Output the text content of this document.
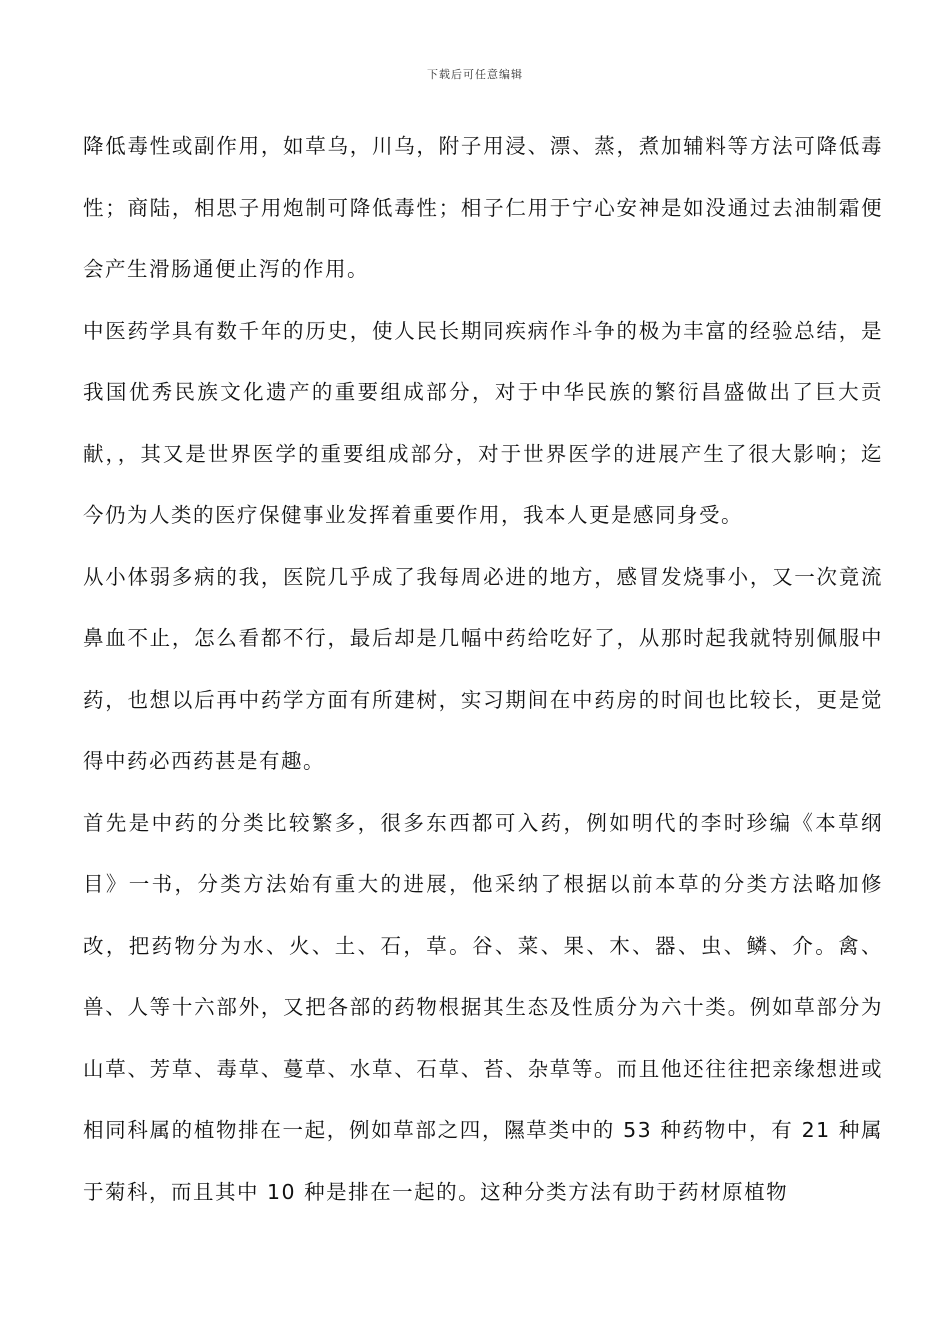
下载后可任意编辑

降低毒性或副作用，如草乌，川乌，附子用浸、漂、蒸，煮加辅料等方法可降低毒性；商陆，相思子用炮制可降低毒性；相子仁用于宁心安神是如没通过去油制霜便会产生滑肠通便止泻的作用。

中医药学具有数千年的历史，使人民长期同疾病作斗争的极为丰富的经验总结，是我国优秀民族文化遗产的重要组成部分，对于中华民族的繁衍昌盛做出了巨大贡献，，其又是世界医学的重要组成部分，对于世界医学的进展产生了很大影响；迄今仍为人类的医疗保健事业发挥着重要作用，我本人更是感同身受。

从小体弱多病的我，医院几乎成了我每周必进的地方，感冒发烧事小，又一次竟流鼻血不止，怎么看都不行，最后却是几幅中药给吃好了，从那时起我就特别佩服中药，也想以后再中药学方面有所建树，实习期间在中药房的时间也比较长，更是觉得中药必西药甚是有趣。

首先是中药的分类比较繁多，很多东西都可入药，例如明代的李时珍编《本草纲目》一书，分类方法始有重大的进展，他采纳了根据以前本草的分类方法略加修改，把药物分为水、火、土、石，草。谷、菜、果、木、器、虫、鳞、介。禽、兽、人等十六部外，又把各部的药物根据其生态及性质分为六十类。例如草部分为山草、芳草、毒草、蔓草、水草、石草、苔、杂草等。而且他还往往把亲缘想进或相同科属的植物排在一起，例如草部之四，隰草类中的 53 种药物中，有 21 种属于菊科，而且其中 10 种是排在一起的。这种分类方法有助于药材原植物
